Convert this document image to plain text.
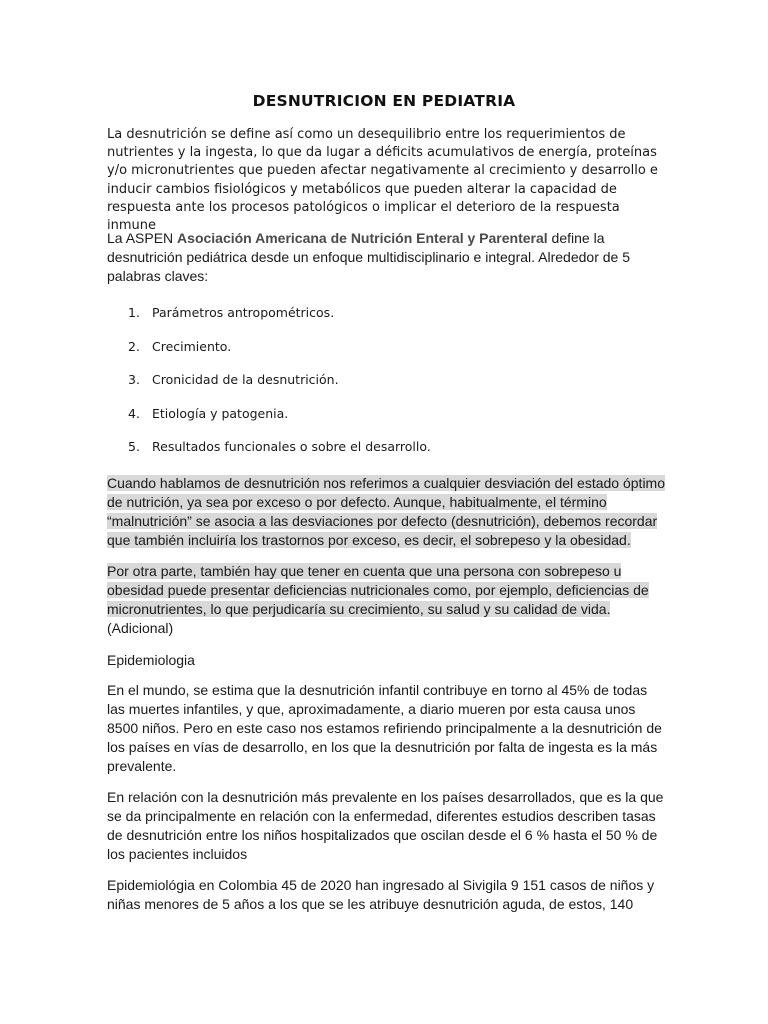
DESNUTRICION EN PEDIATRIA
La desnutrición se define así como un desequilibrio entre los requerimientos de nutrientes y la ingesta, lo que da lugar a déficits acumulativos de energía, proteínas y/o micronutrientes que pueden afectar negativamente al crecimiento y desarrollo e inducir cambios fisiológicos y metabólicos que pueden alterar la capacidad de respuesta ante los procesos patológicos o implicar el deterioro de la respuesta inmune
La ASPEN Asociación Americana de Nutrición Enteral y Parenteral define la desnutrición pediátrica desde un enfoque multidisciplinario e integral. Alrededor de 5 palabras claves:
1. Parámetros antropométricos.
2. Crecimiento.
3. Cronicidad de la desnutrición.
4. Etiología y patogenia.
5. Resultados funcionales o sobre el desarrollo.
Cuando hablamos de desnutrición nos referimos a cualquier desviación del estado óptimo de nutrición, ya sea por exceso o por defecto. Aunque, habitualmente, el término “malnutrición” se asocia a las desviaciones por defecto (desnutrición), debemos recordar que también incluiría los trastornos por exceso, es decir, el sobrepeso y la obesidad.
Por otra parte, también hay que tener en cuenta que una persona con sobrepeso u obesidad puede presentar deficiencias nutricionales como, por ejemplo, deficiencias de micronutrientes, lo que perjudicaría su crecimiento, su salud y su calidad de vida. (Adicional)
Epidemiologia
En el mundo, se estima que la desnutrición infantil contribuye en torno al 45% de todas las muertes infantiles, y que, aproximadamente, a diario mueren por esta causa unos 8500 niños. Pero en este caso nos estamos refiriendo principalmente a la desnutrición de los países en vías de desarrollo, en los que la desnutrición por falta de ingesta es la más prevalente.
En relación con la desnutrición más prevalente en los países desarrollados, que es la que se da principalmente en relación con la enfermedad, diferentes estudios describen tasas de desnutrición entre los niños hospitalizados que oscilan desde el 6 % hasta el 50 % de los pacientes incluidos
Epidemiológia en Colombia 45 de 2020 han ingresado al Sivigila 9 151 casos de niños y niñas menores de 5 años a los que se les atribuye desnutrición aguda, de estos, 140
